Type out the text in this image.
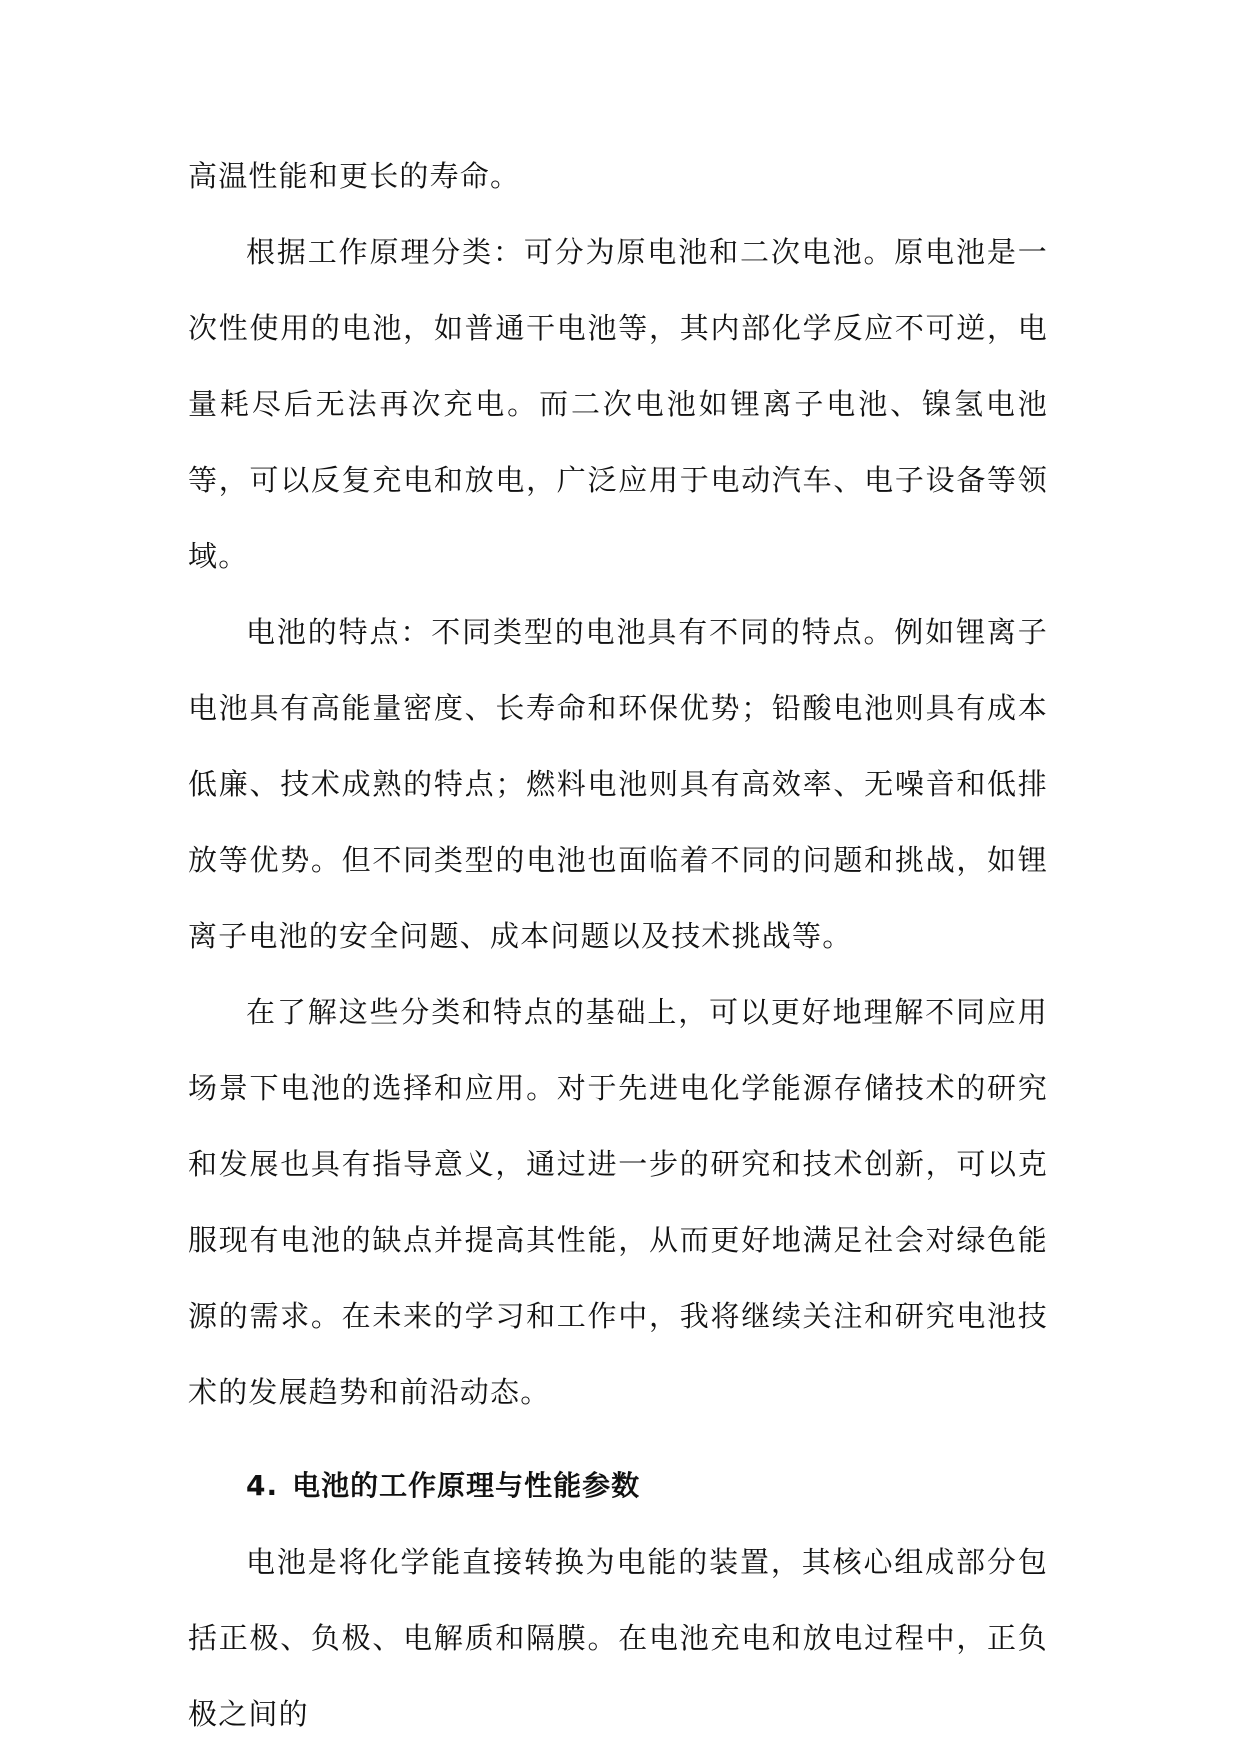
高温性能和更长的寿命。

根据工作原理分类：可分为原电池和二次电池。原电池是一次性使用的电池，如普通干电池等，其内部化学反应不可逆，电量耗尽后无法再次充电。而二次电池如锂离子电池、镍氢电池等，可以反复充电和放电，广泛应用于电动汽车、电子设备等领域。

电池的特点：不同类型的电池具有不同的特点。例如锂离子电池具有高能量密度、长寿命和环保优势；铅酸电池则具有成本低廉、技术成熟的特点；燃料电池则具有高效率、无噪音和低排放等优势。但不同类型的电池也面临着不同的问题和挑战，如锂离子电池的安全问题、成本问题以及技术挑战等。

在了解这些分类和特点的基础上，可以更好地理解不同应用场景下电池的选择和应用。对于先进电化学能源存储技术的研究和发展也具有指导意义，通过进一步的研究和技术创新，可以克服现有电池的缺点并提高其性能，从而更好地满足社会对绿色能源的需求。在未来的学习和工作中，我将继续关注和研究电池技术的发展趋势和前沿动态。

4. 电池的工作原理与性能参数

电池是将化学能直接转换为电能的装置，其核心组成部分包括正极、负极、电解质和隔膜。在电池充电和放电过程中，正负极之间的
